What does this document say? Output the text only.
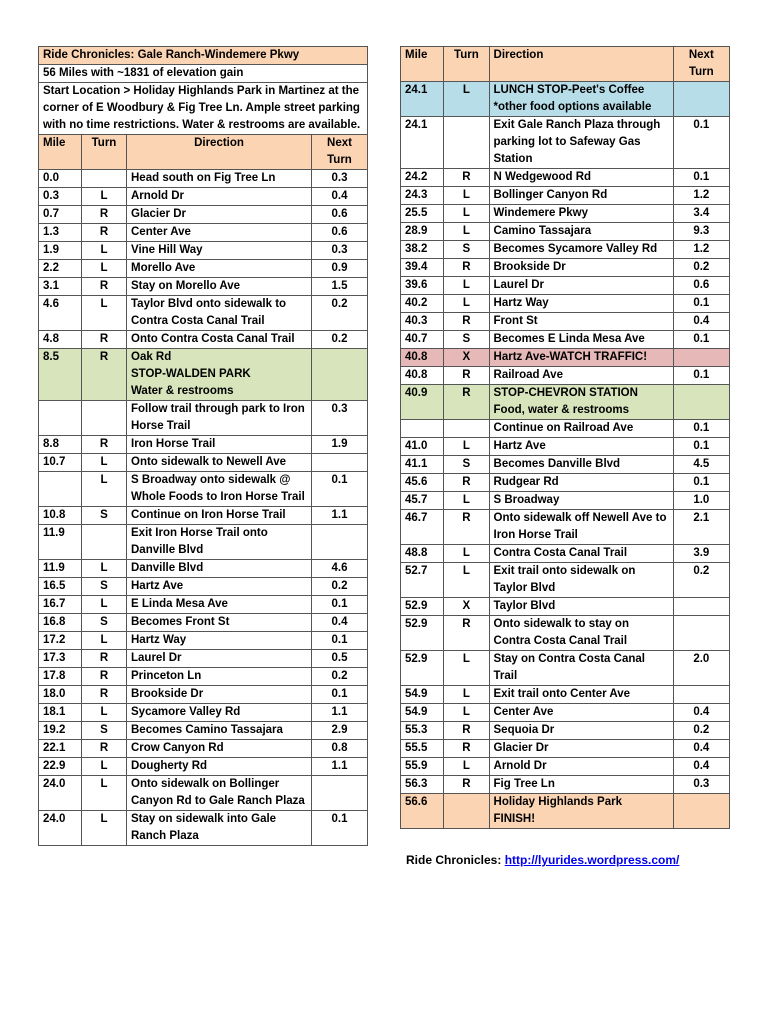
Ride Chronicles: Gale Ranch-Windemere Pkwy			
56 Miles with ~1831 of elevation gain			
Start Location > Holiday Highlands Park in Martinez at the corner of E Woodbury & Fig Tree Ln. Ample street parking with no time restrictions. Water & restrooms are available.			
Mile	Turn	Direction	Next Turn
0.0		Head south on Fig Tree Ln	0.3
0.3	L	Arnold Dr	0.4
0.7	R	Glacier Dr	0.6
1.3	R	Center Ave	0.6
1.9	L	Vine Hill Way	0.3
2.2	L	Morello Ave	0.9
3.1	R	Stay on Morello Ave	1.5
4.6	L	Taylor Blvd onto sidewalk to Contra Costa Canal Trail	0.2
4.8	R	Onto Contra Costa Canal Trail	0.2
8.5	R	Oak Rd
STOP-WALDEN PARK
Water & restrooms	
		Follow trail through park to Iron Horse Trail	0.3
8.8	R	Iron Horse Trail	1.9
10.7	L	Onto sidewalk to Newell Ave	
	L	S Broadway onto sidewalk @ Whole Foods to Iron Horse Trail	0.1
10.8	S	Continue on Iron Horse Trail	1.1
11.9		Exit Iron Horse Trail onto Danville Blvd	
11.9	L	Danville Blvd	4.6
16.5	S	Hartz Ave	0.2
16.7	L	E Linda Mesa Ave	0.1
16.8	S	Becomes Front St	0.4
17.2	L	Hartz Way	0.1
17.3	R	Laurel Dr	0.5
17.8	R	Princeton Ln	0.2
18.0	R	Brookside Dr	0.1
18.1	L	Sycamore Valley Rd	1.1
19.2	S	Becomes Camino Tassajara	2.9
22.1	R	Crow Canyon Rd	0.8
22.9	L	Dougherty Rd	1.1
24.0	L	Onto sidewalk on Bollinger Canyon Rd to Gale Ranch Plaza	
24.0	L	Stay on sidewalk into Gale Ranch Plaza	0.1
Mile	Turn	Direction	Next Turn
24.1	L	LUNCH STOP-Peet's Coffee
*other food options available	
24.1		Exit Gale Ranch Plaza through parking lot to Safeway Gas Station	0.1
24.2	R	N Wedgewood Rd	0.1
24.3	L	Bollinger Canyon Rd	1.2
25.5	L	Windemere Pkwy	3.4
28.9	L	Camino Tassajara	9.3
38.2	S	Becomes Sycamore Valley Rd	1.2
39.4	R	Brookside Dr	0.2
39.6	L	Laurel Dr	0.6
40.2	L	Hartz Way	0.1
40.3	R	Front St	0.4
40.7	S	Becomes E Linda Mesa Ave	0.1
40.8	X	Hartz Ave-WATCH TRAFFIC!	
40.8	R	Railroad Ave	0.1
40.9	R	STOP-CHEVRON STATION
Food, water & restrooms	
		Continue on Railroad Ave	0.1
41.0	L	Hartz Ave	0.1
41.1	S	Becomes Danville Blvd	4.5
45.6	R	Rudgear Rd	0.1
45.7	L	S Broadway	1.0
46.7	R	Onto sidewalk off Newell Ave to Iron Horse Trail	2.1
48.8	L	Contra Costa Canal Trail	3.9
52.7	L	Exit trail onto sidewalk on Taylor Blvd	0.2
52.9	X	Taylor Blvd	
52.9	R	Onto sidewalk to stay on Contra Costa Canal Trail	
52.9	L	Stay on Contra Costa Canal Trail	2.0
54.9	L	Exit trail onto Center Ave	
54.9	L	Center Ave	0.4
55.3	R	Sequoia Dr	0.2
55.5	R	Glacier Dr	0.4
55.9	L	Arnold Dr	0.4
56.3	R	Fig Tree Ln	0.3
56.6		Holiday Highlands Park
FINISH!	
Ride Chronicles: http://lyurides.wordpress.com/
